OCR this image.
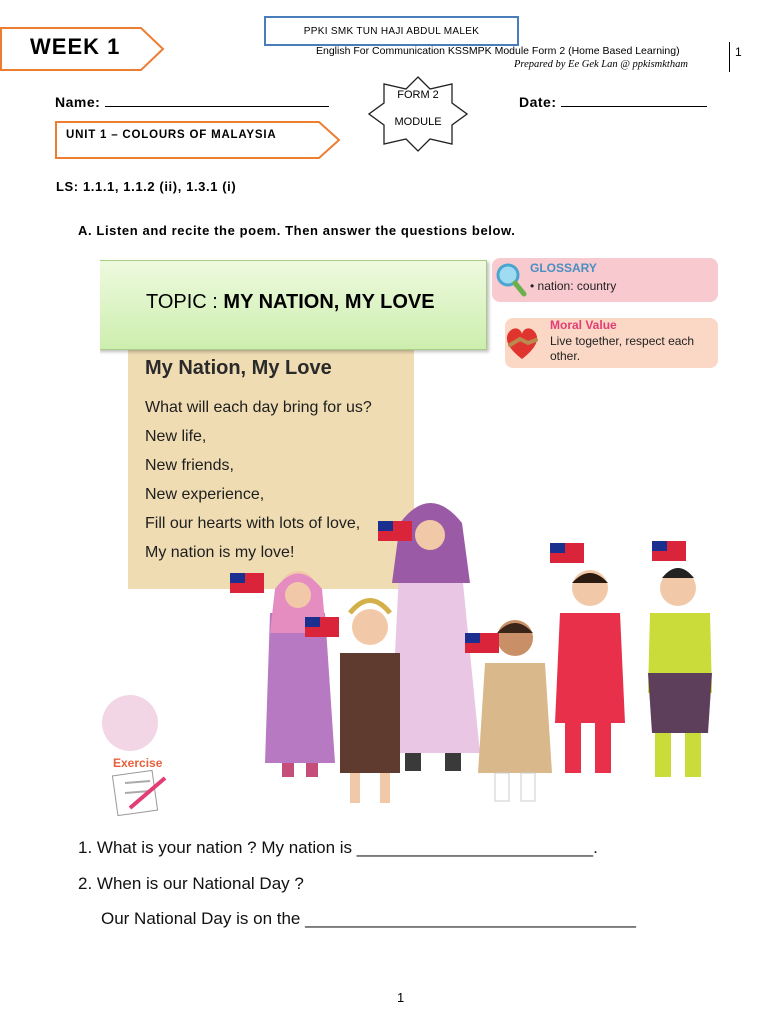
WEEK 1
PPKI SMK TUN HAJI ABDUL MALEK
English For Communication KSSMPK Module Form 2 (Home Based Learning)
Prepared by Ee Gek Lan @ ppkismktham
1
Name:	FORM 2
MODULE
Date:
UNIT 1 – COLOURS OF MALAYSIA
LS: 1.1.1, 1.1.2 (ii), 1.3.1 (i)
A. Listen and recite the poem. Then answer the questions below.
TOPIC : MY NATION, MY LOVE
GLOSSARY
• nation: country
Moral Value
Live together, respect each other.
My Nation, My Love
What will each day bring for us?
New life,
New friends,
New experience,
Fill our hearts with lots of love,
My nation is my love!
Exercise
1. What is your nation ? My nation is _________________________.
2. When is our National Day ?
Our National Day is on the ___________________________________
1
